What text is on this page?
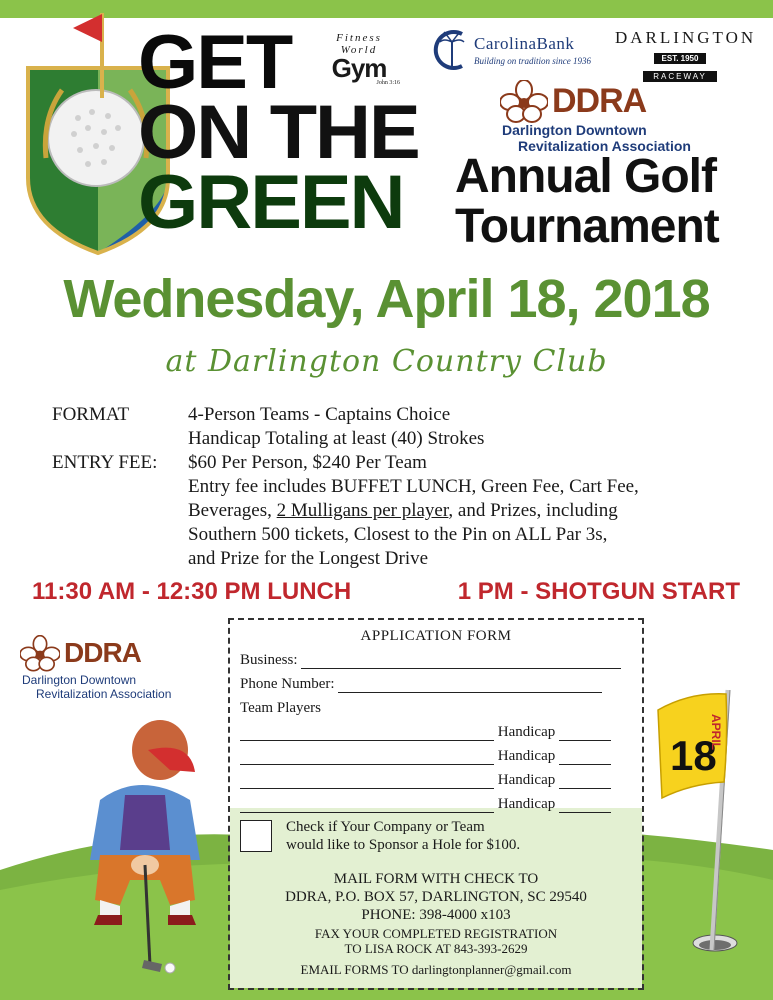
GET
ON THE
GREEN
Fitness
World
Gym
John 3:16
CarolinaBank
Building on tradition since 1936
DARLINGTON
EST. 1950
RACEWAY
DDRA
Darlington Downtown
Revitalization Association
Annual Golf
Tournament
Wednesday, April 18, 2018
at Darlington Country Club
FORMAT	4-Person Teams - Captains Choice
Handicap Totaling at least (40) Strokes
ENTRY FEE: $60 Per Person, $240 Per Team
Entry fee includes BUFFET LUNCH, Green Fee, Cart Fee,
Beverages, 2 Mulligans per player, and Prizes, including
Southern 500 tickets, Closest to the Pin on ALL Par 3s,
and Prize for the Longest Drive
11:30 AM - 12:30 PM LUNCH	1 PM - SHOTGUN START
DDRA
Darlington Downtown
Revitalization Association
18
APRIL
APPLICATION FORM
Business:
Phone Number:
Team Players
Handicap
Handicap
Handicap
Handicap
Check if Your Company or Team
would like to Sponsor a Hole for $100.
MAIL FORM WITH CHECK TO
DDRA, P.O. BOX 57, DARLINGTON, SC 29540
PHONE: 398-4000 x103
FAX YOUR COMPLETED REGISTRATION
TO LISA ROCK AT 843-393-2629
EMAIL FORMS TO darlingtonplanner@gmail.com
